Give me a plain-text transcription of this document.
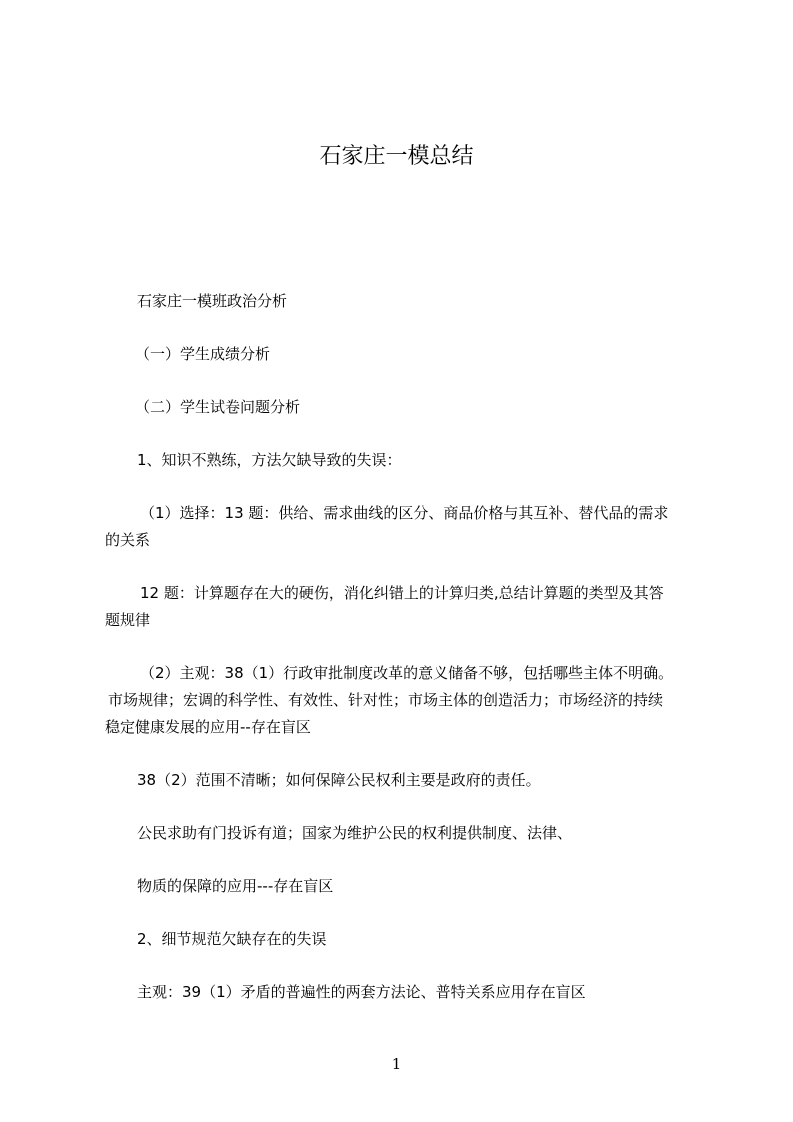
石家庄一模总结

石家庄一模班政治分析

（一）学生成绩分析

（二）学生试卷问题分析

1、知识不熟练，方法欠缺导致的失误：

（1）选择：13 题：供给、需求曲线的区分、商品价格与其互补、替代品的需求

的关系

12 题：计算题存在大的硬伤，消化纠错上的计算归类,总结计算题的类型及其答

题规律

（2）主观：38（1）行政审批制度改革的意义储备不够，包括哪些主体不明确。

市场规律；宏调的科学性、有效性、针对性；市场主体的创造活力；市场经济的持续

稳定健康发展的应用--存在盲区

38（2）范围不清晰；如何保障公民权利主要是政府的责任。

公民求助有门投诉有道；国家为维护公民的权利提供制度、法律、

物质的保障的应用---存在盲区

2、细节规范欠缺存在的失误

主观：39（1）矛盾的普遍性的两套方法论、普特关系应用存在盲区

1
